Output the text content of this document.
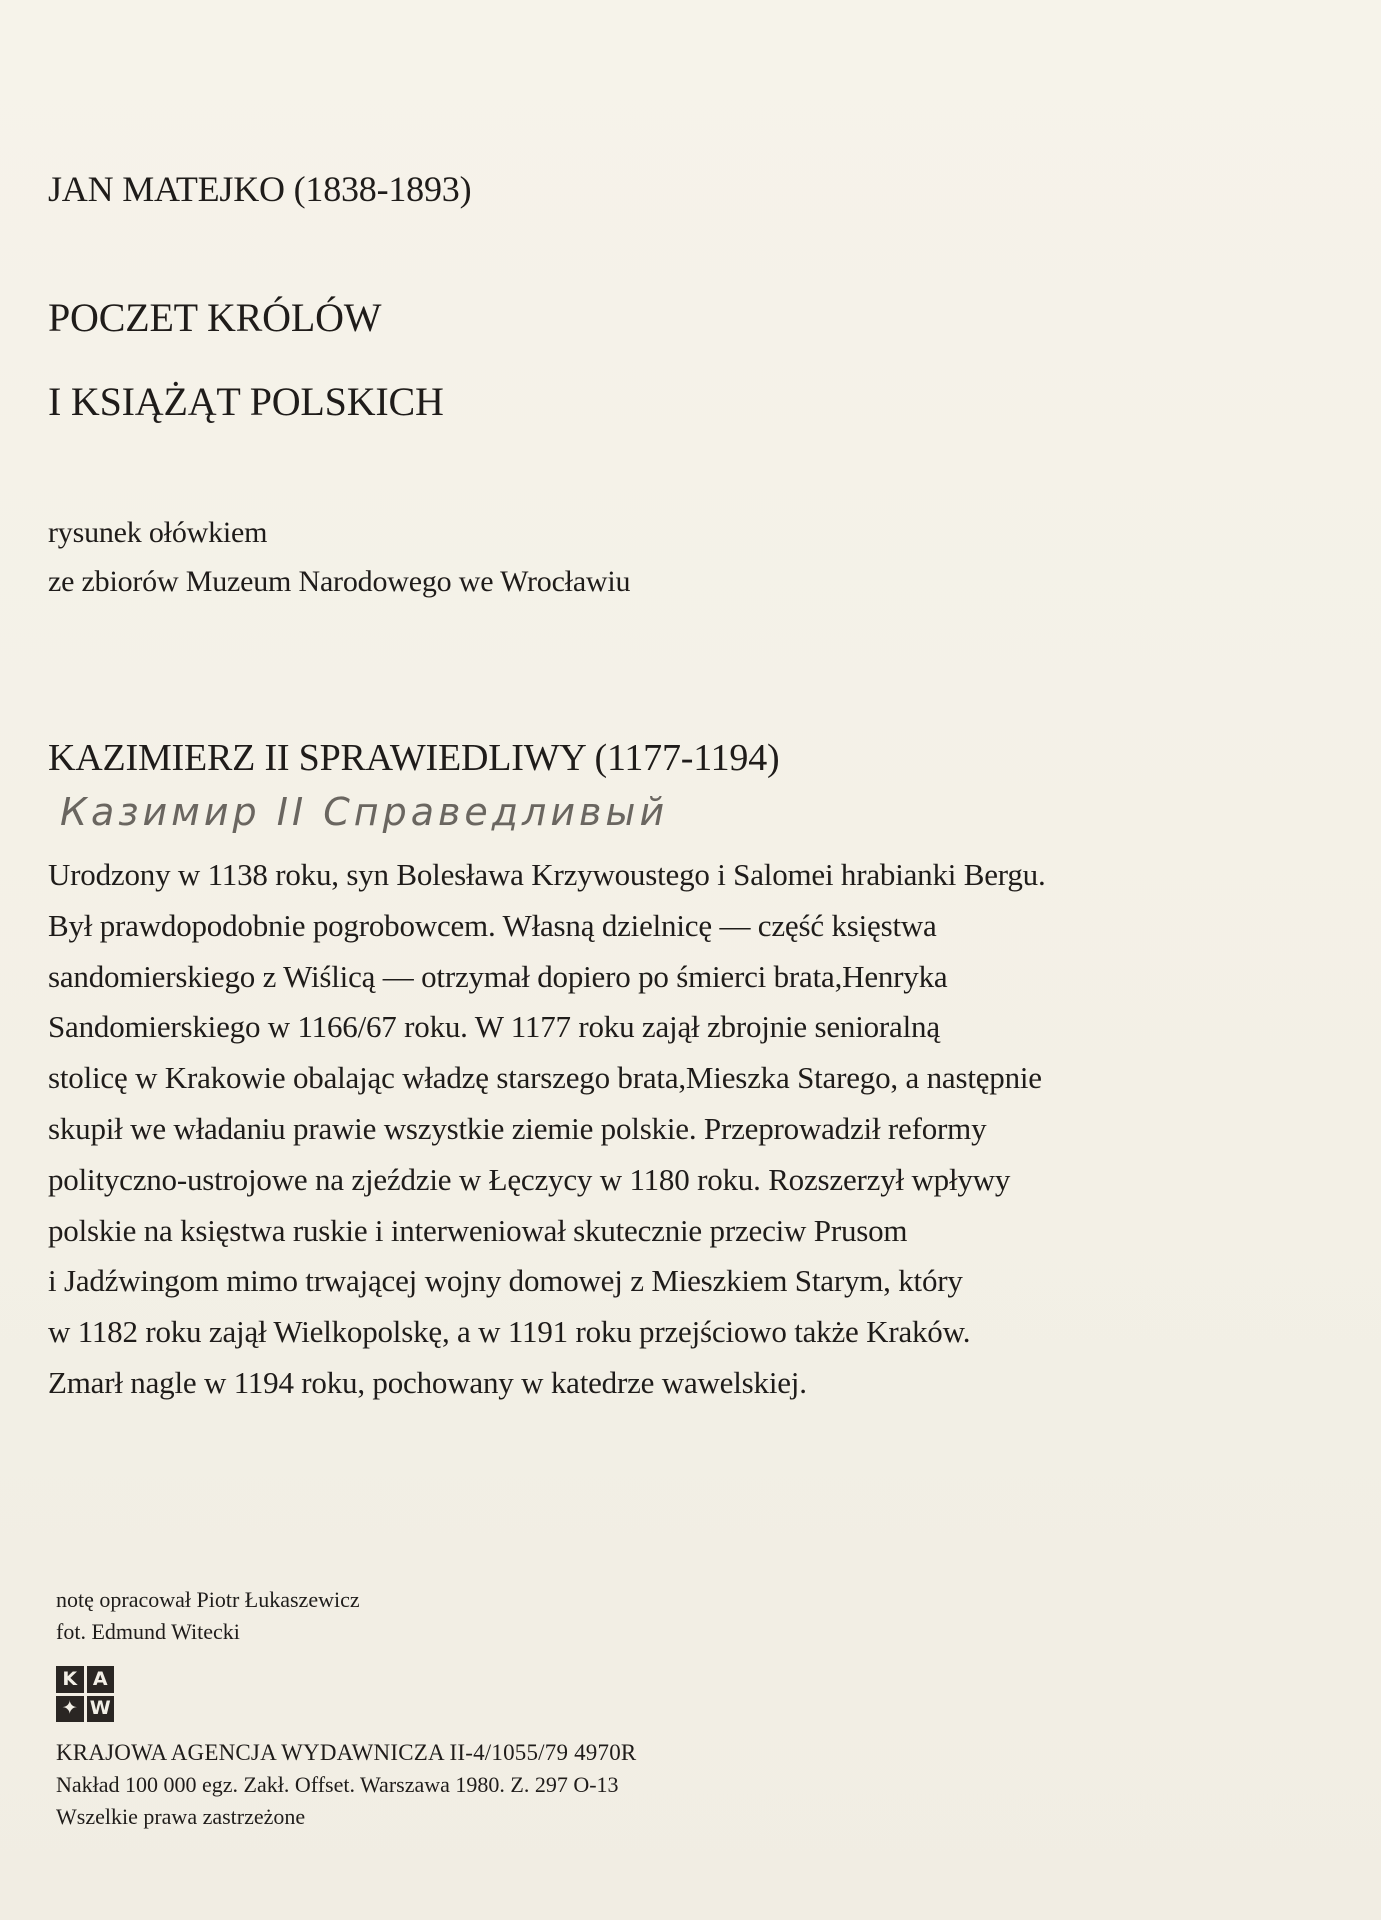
JAN MATEJKO (1838-1893)
POCZET KRÓLÓW
I KSIĄŻĄT POLSKICH
rysunek ołówkiem
ze zbiorów Muzeum Narodowego we Wrocławiu
KAZIMIERZ II SPRAWIEDLIWY (1177-1194)
Казимир II Справедливый
Urodzony w 1138 roku, syn Bolesława Krzywoustego i Salomei hrabianki Bergu.
Był prawdopodobnie pogrobowcem. Własną dzielnicę — część księstwa
sandomierskiego z Wiślicą — otrzymał dopiero po śmierci brata,Henryka
Sandomierskiego w 1166/67 roku. W 1177 roku zajął zbrojnie senioralną
stolicę w Krakowie obalając władzę starszego brata,Mieszka Starego, a następnie
skupił we władaniu prawie wszystkie ziemie polskie. Przeprowadził reformy
polityczno-ustrojowe na zjeździe w Łęczycy w 1180 roku. Rozszerzył wpływy
polskie na księstwa ruskie i interweniował skutecznie przeciw Prusom
i Jadźwingom mimo trwającej wojny domowej z Mieszkiem Starym, który
w 1182 roku zajął Wielkopolskę, a w 1191 roku przejściowo także Kraków.
Zmarł nagle w 1194 roku, pochowany w katedrze wawelskiej.
notę opracował Piotr Łukaszewicz
fot. Edmund Witecki
K A
✦ W
KRAJOWA AGENCJA WYDAWNICZA II-4/1055/79 4970R
Nakład 100 000 egz. Zakł. Offset. Warszawa 1980. Z. 297 O-13
Wszelkie prawa zastrzeżone
